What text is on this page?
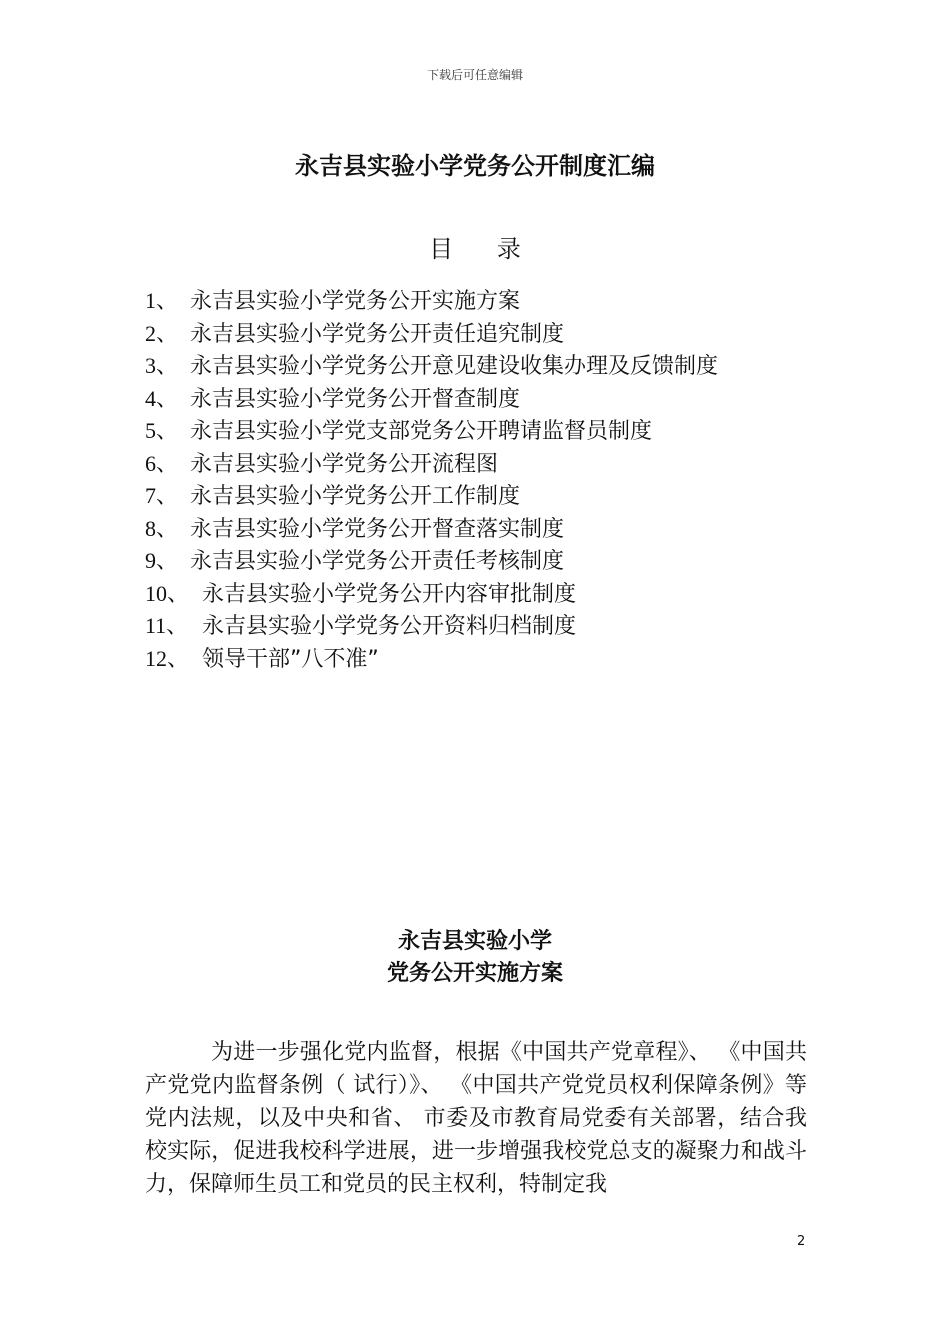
下载后可任意编辑
永吉县实验小学党务公开制度汇编
目 录
1、 永吉县实验小学党务公开实施方案
2、 永吉县实验小学党务公开责任追究制度
3、 永吉县实验小学党务公开意见建设收集办理及反馈制度
4、 永吉县实验小学党务公开督查制度
5、 永吉县实验小学党支部党务公开聘请监督员制度
6、 永吉县实验小学党务公开流程图
7、 永吉县实验小学党务公开工作制度
8、 永吉县实验小学党务公开督查落实制度
9、 永吉县实验小学党务公开责任考核制度
10、 永吉县实验小学党务公开内容审批制度
11、 永吉县实验小学党务公开资料归档制度
12、 领导干部”八不准”
永吉县实验小学
党务公开实施方案

为进一步强化党内监督，根据《中国共产党章程》、 《中国共产党党内监督条例（ 试行）》、 《中国共产党党员权利保障条例》等党内法规，以及中央和省、 市委及市教育局党委有关部署，结合我校实际，促进我校科学进展，进一步增强我校党总支的凝聚力和战斗力，保障师生员工和党员的民主权利，特制定我

2
